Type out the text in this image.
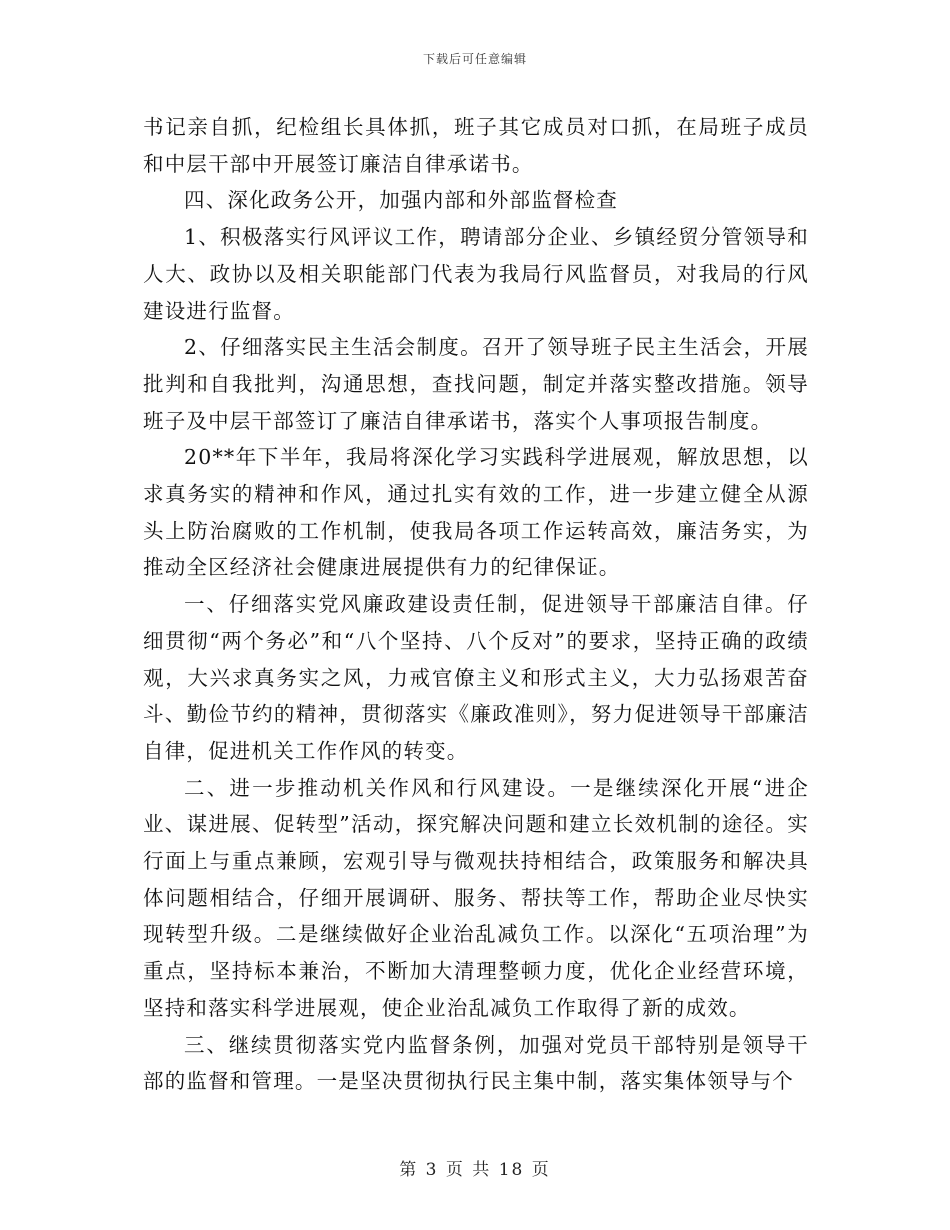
下载后可任意编辑

书记亲自抓，纪检组长具体抓，班子其它成员对口抓，在局班子成员和中层干部中开展签订廉洁自律承诺书。

四、深化政务公开，加强内部和外部监督检查

1、积极落实行风评议工作，聘请部分企业、乡镇经贸分管领导和人大、政协以及相关职能部门代表为我局行风监督员，对我局的行风建设进行监督。

2、仔细落实民主生活会制度。召开了领导班子民主生活会，开展批判和自我批判，沟通思想，查找问题，制定并落实整改措施。领导班子及中层干部签订了廉洁自律承诺书，落实个人事项报告制度。

20**年下半年，我局将深化学习实践科学进展观，解放思想，以求真务实的精神和作风，通过扎实有效的工作，进一步建立健全从源头上防治腐败的工作机制，使我局各项工作运转高效，廉洁务实，为推动全区经济社会健康进展提供有力的纪律保证。

一、仔细落实党风廉政建设责任制，促进领导干部廉洁自律。仔细贯彻“两个务必”和“八个坚持、八个反对”的要求，坚持正确的政绩观，大兴求真务实之风，力戒官僚主义和形式主义，大力弘扬艰苦奋斗、勤俭节约的精神，贯彻落实《廉政准则》，努力促进领导干部廉洁自律，促进机关工作作风的转变。

二、进一步推动机关作风和行风建设。一是继续深化开展“进企业、谋进展、促转型”活动，探究解决问题和建立长效机制的途径。实行面上与重点兼顾，宏观引导与微观扶持相结合，政策服务和解决具体问题相结合，仔细开展调研、服务、帮扶等工作，帮助企业尽快实现转型升级。二是继续做好企业治乱减负工作。以深化“五项治理”为重点，坚持标本兼治，不断加大清理整顿力度，优化企业经营环境，坚持和落实科学进展观，使企业治乱减负工作取得了新的成效。

三、继续贯彻落实党内监督条例，加强对党员干部特别是领导干部的监督和管理。一是坚决贯彻执行民主集中制，落实集体领导与个

第 3 页 共 18 页
